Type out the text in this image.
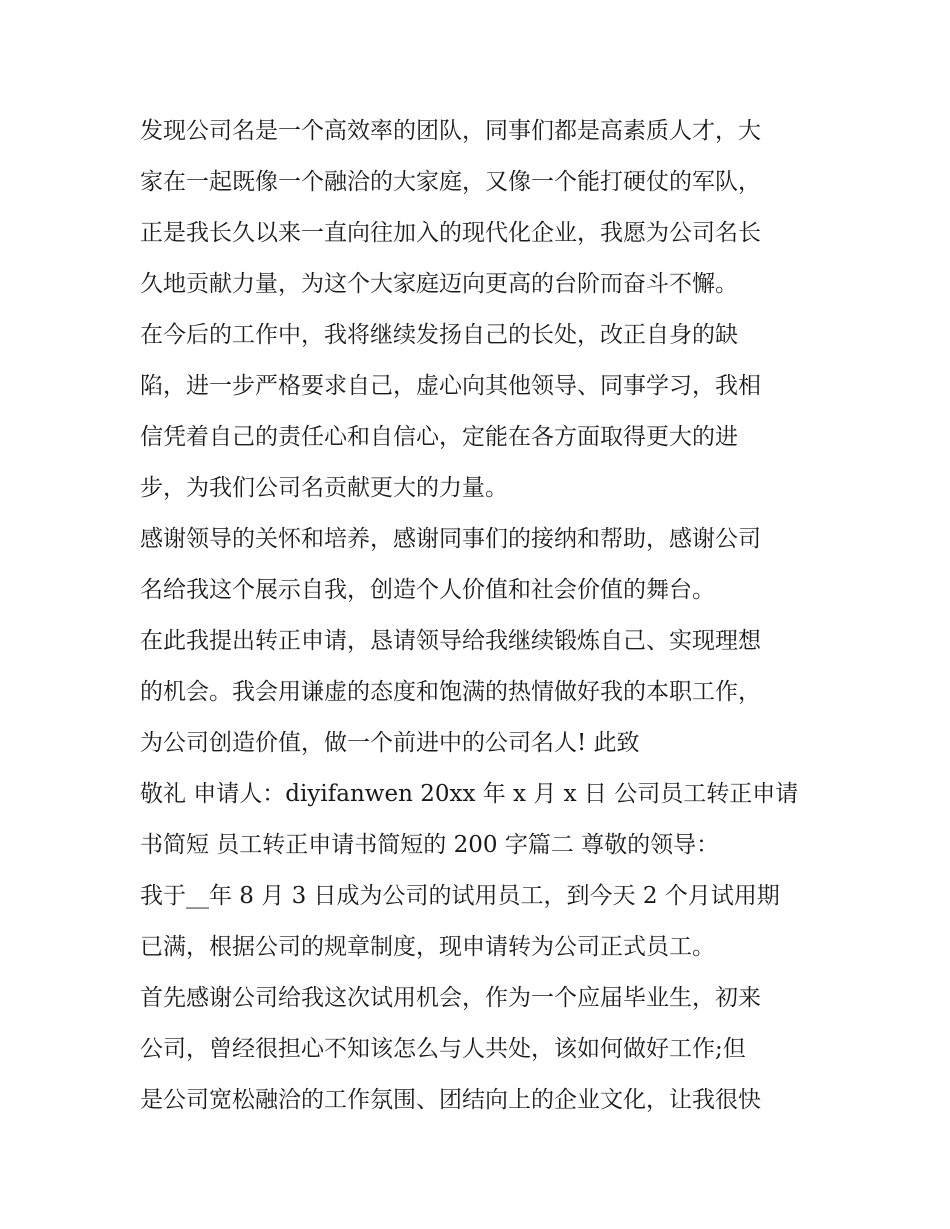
发现公司名是一个高效率的团队，同事们都是高素质人才，大
家在一起既像一个融洽的大家庭，又像一个能打硬仗的军队，
正是我长久以来一直向往加入的现代化企业，我愿为公司名长
久地贡献力量，为这个大家庭迈向更高的台阶而奋斗不懈。
在今后的工作中，我将继续发扬自己的长处，改正自身的缺
陷，进一步严格要求自己，虚心向其他领导、同事学习，我相
信凭着自己的责任心和自信心，定能在各方面取得更大的进
步，为我们公司名贡献更大的力量。
感谢领导的关怀和培养，感谢同事们的接纳和帮助，感谢公司
名给我这个展示自我，创造个人价值和社会价值的舞台。
在此我提出转正申请，恳请领导给我继续锻炼自己、实现理想
的机会。我会用谦虚的态度和饱满的热情做好我的本职工作，
为公司创造价值，做一个前进中的公司名人! 此致
敬礼 申请人：diyifanwen 20xx 年 x 月 x 日 公司员工转正申请
书简短 员工转正申请书简短的 200 字篇二 尊敬的领导：
我于__年 8 月 3 日成为公司的试用员工，到今天 2 个月试用期
已满，根据公司的规章制度，现申请转为公司正式员工。
首先感谢公司给我这次试用机会，作为一个应届毕业生，初来
公司，曾经很担心不知该怎么与人共处，该如何做好工作;但
是公司宽松融洽的工作氛围、团结向上的企业文化，让我很快
